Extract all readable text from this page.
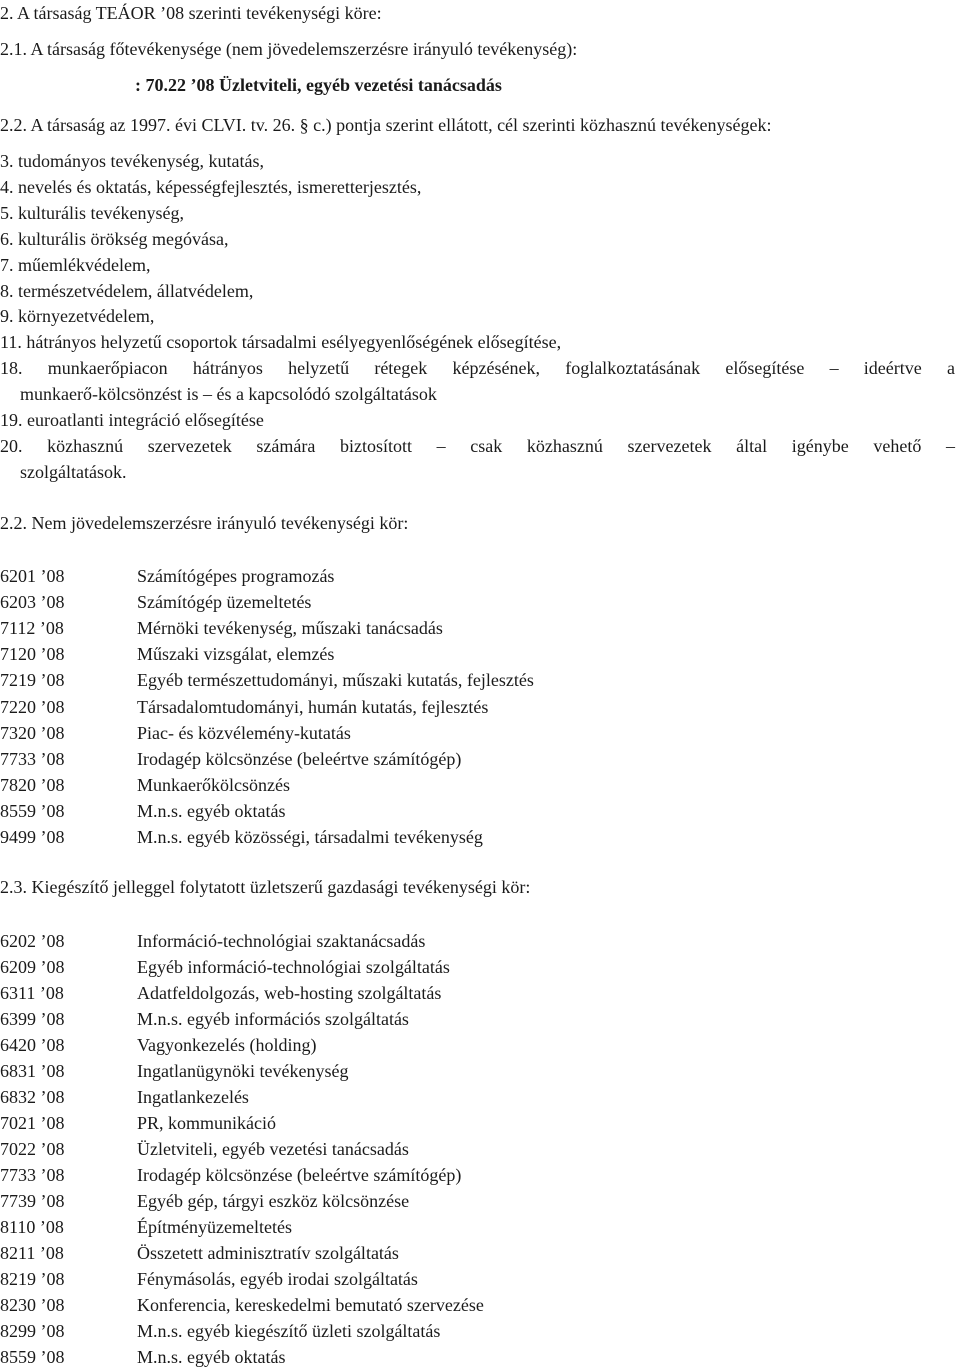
2. A társaság TEÁOR ’08 szerinti tevékenységi köre:
2.1. A társaság főtevékenysége (nem jövedelemszerzésre irányuló tevékenység):
: 70.22 ’08 Üzletviteli, egyéb vezetési tanácsadás
2.2. A társaság az 1997. évi CLVI. tv. 26. § c.) pontja szerint ellátott, cél szerinti közhasznú tevékenységek:
3. tudományos tevékenység, kutatás,
4. nevelés és oktatás, képességfejlesztés, ismeretterjesztés,
5. kulturális tevékenység,
6. kulturális örökség megóvása,
7. műemlékvédelem,
8. természetvédelem, állatvédelem,
9. környezetvédelem,
11. hátrányos helyzetű csoportok társadalmi esélyegyenlőségének elősegítése,
18. munkaerőpiacon hátrányos helyzetű rétegek képzésének, foglalkoztatásának elősegítése – ideértve a
munkaerő-kölcsönzést is – és a kapcsolódó szolgáltatások
19. euroatlanti integráció elősegítése
20. közhasznú szervezetek számára biztosított – csak közhasznú szervezetek által igénybe vehető –
szolgáltatások.
2.2. Nem jövedelemszerzésre irányuló tevékenységi kör:
6201 ’08	Számítógépes programozás
6203 ’08	Számítógép üzemeltetés
7112 ’08	Mérnöki tevékenység, műszaki tanácsadás
7120 ’08	Műszaki vizsgálat, elemzés
7219 ’08	Egyéb természettudományi, műszaki kutatás, fejlesztés
7220 ’08	Társadalomtudományi, humán kutatás, fejlesztés
7320 ’08	Piac- és közvélemény-kutatás
7733 ’08	Irodagép kölcsönzése (beleértve számítógép)
7820 ’08	Munkaerőkölcsönzés
8559 ’08	M.n.s. egyéb oktatás
9499 ’08	M.n.s. egyéb közösségi, társadalmi tevékenység
2.3. Kiegészítő jelleggel folytatott üzletszerű gazdasági tevékenységi kör:
6202 ’08	Információ-technológiai szaktanácsadás
6209 ’08	Egyéb információ-technológiai szolgáltatás
6311 ’08	Adatfeldolgozás, web-hosting szolgáltatás
6399 ’08	M.n.s. egyéb információs szolgáltatás
6420 ’08	Vagyonkezelés (holding)
6831 ’08	Ingatlanügynöki tevékenység
6832 ’08	Ingatlankezelés
7021 ’08	PR, kommunikáció
7022 ’08	Üzletviteli, egyéb vezetési tanácsadás
7733 ’08	Irodagép kölcsönzése (beleértve számítógép)
7739 ’08	Egyéb gép, tárgyi eszköz kölcsönzése
8110 ’08	Építményüzemeltetés
8211 ’08	Összetett adminisztratív szolgáltatás
8219 ’08	Fénymásolás, egyéb irodai szolgáltatás
8230 ’08	Konferencia, kereskedelmi bemutató szervezése
8299 ’08	M.n.s. egyéb kiegészítő üzleti szolgáltatás
8559 ’08	M.n.s. egyéb oktatás
